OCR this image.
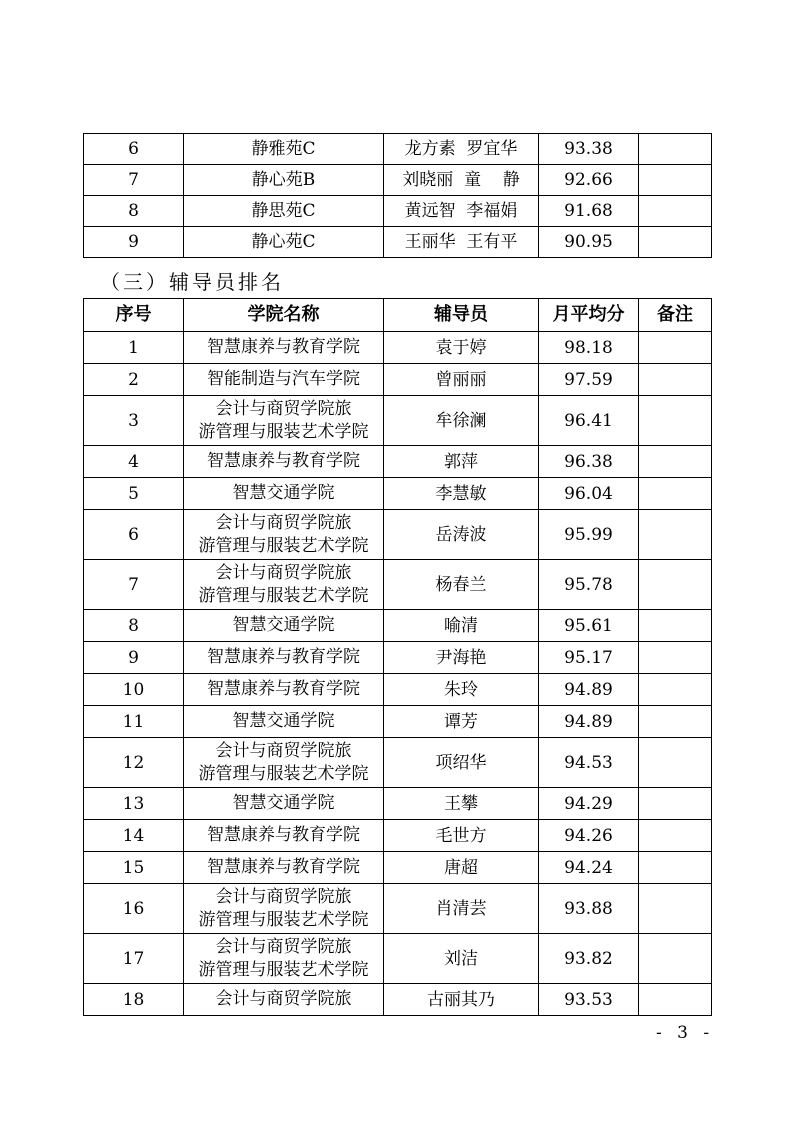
6	静雅苑C	龙方素  罗宜华	93.38	
7	静心苑B	刘晓丽  童    静	92.66	
8	静思苑C	黄远智  李福娟	91.68	
9	静心苑C	王丽华  王有平	90.95	
（三）辅导员排名
序号	学院名称	辅导员	月平均分	备注
1	智慧康养与教育学院	袁于婷	98.18	
2	智能制造与汽车学院	曾丽丽	97.59	
3	会计与商贸学院旅
游管理与服装艺术学院	牟徐澜	96.41	
4	智慧康养与教育学院	郭萍	96.38	
5	智慧交通学院	李慧敏	96.04	
6	会计与商贸学院旅
游管理与服装艺术学院	岳涛波	95.99	
7	会计与商贸学院旅
游管理与服装艺术学院	杨春兰	95.78	
8	智慧交通学院	喻清	95.61	
9	智慧康养与教育学院	尹海艳	95.17	
10	智慧康养与教育学院	朱玲	94.89	
11	智慧交通学院	谭芳	94.89	
12	会计与商贸学院旅
游管理与服装艺术学院	项绍华	94.53	
13	智慧交通学院	王攀	94.29	
14	智慧康养与教育学院	毛世方	94.26	
15	智慧康养与教育学院	唐超	94.24	
16	会计与商贸学院旅
游管理与服装艺术学院	肖清芸	93.88	
17	会计与商贸学院旅
游管理与服装艺术学院	刘洁	93.82	
18	会计与商贸学院旅	古丽其乃	93.53	
- 3 -
